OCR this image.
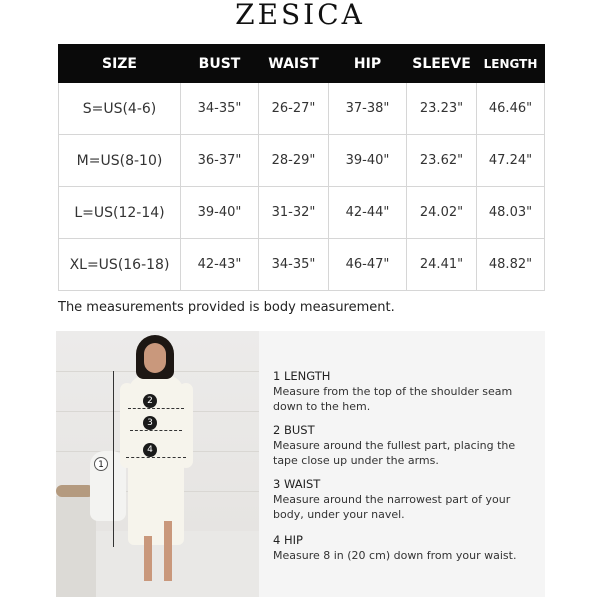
ZESICA
SIZE	BUST	WAIST	HIP	SLEEVE	LENGTH
S=US(4-6)	34-35"	26-27"	37-38"	23.23"	46.46"
M=US(8-10)	36-37"	28-29"	39-40"	23.62"	47.24"
L=US(12-14)	39-40"	31-32"	42-44"	24.02"	48.03"
XL=US(16-18)	42-43"	34-35"	46-47"	24.41"	48.82"
The measurements provided is body measurement.
1
2
3
4
1 LENGTH
Measure from the top of the shoulder seam down to the hem.
2 BUST
Measure around the fullest part, placing the tape close up under the arms.
3 WAIST
Measure around the narrowest part of your body, under your navel.
4 HIP
Measure 8 in (20 cm) down from your waist.
